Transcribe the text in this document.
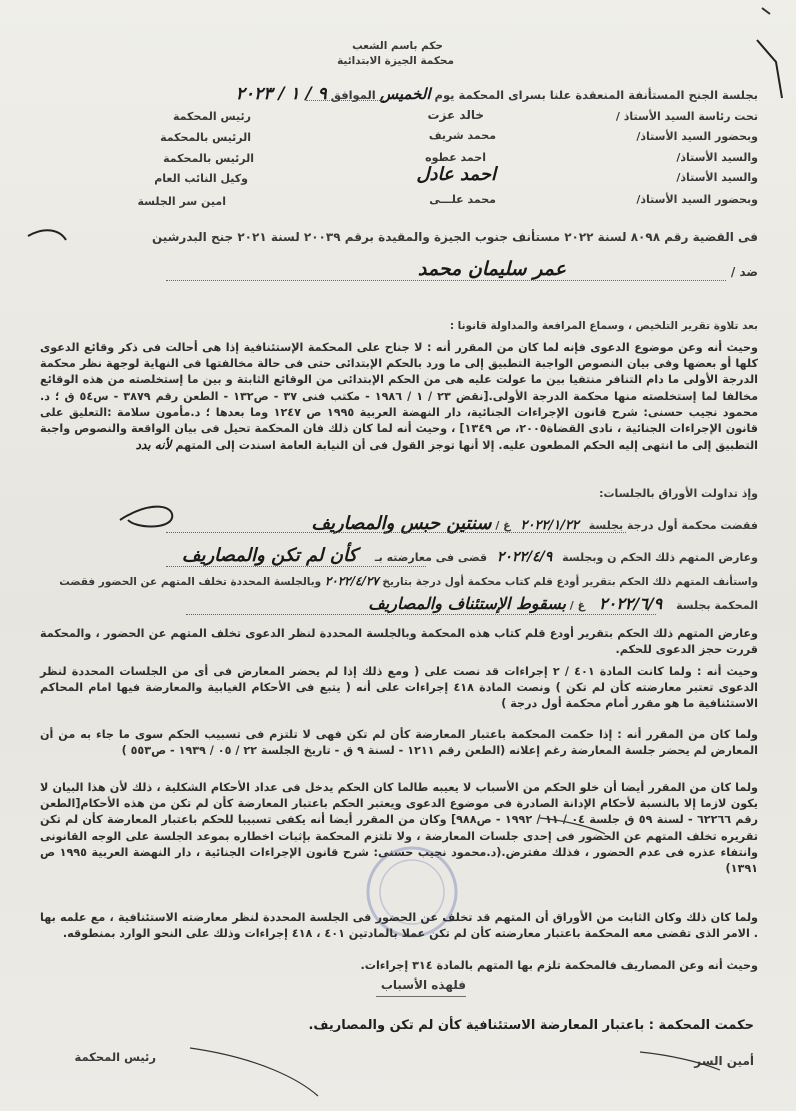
حكم باسم الشعب
محكمة الجيزة الابتدائية
بجلسة الجنح المستأنفة المنعقدة علنا بسراى المحكمة يوم الخميس الموافق ٩ / ١ / ٢٠٢٣
تحت رئاسة السيد الأستاذ /
خالد عزت
رئيس المحكمة
وبحضور السيد الأستاذ/
محمد شريف
الرئيس بالمحكمة
والسيد الأستاذ/
احمد عطوه
الرئيس بالمحكمة
والسيد الأستاذ/
احمد عادل
وكيل النائب العام
وبحضور السيد الأستاذ/
محمد علـــى
امين سر الجلسة
فى القضية رقم ٨٠٩٨ لسنة ٢٠٢٢ مستأنف جنوب الجيزة والمقيدة برقم ٢٠٠٣٩ لسنة ٢٠٢١ جنح البدرشين
ضد /
عمر سليمان محمد
بعد تلاوة تقرير التلخيص ، وسماع المرافعة والمداولة قانونا :
وحيث أنه وعن موضوع الدعوى فإنه لما كان من المقرر أنه : لا جناح على المحكمة الإستئنافية إذا هى أحالت فى ذكر وقائع الدعوى كلها أو بعضها وفى بيان النصوص الواجبة التطبيق إلى ما ورد بالحكم الإبتدائى حتى فى حالة مخالفتها فى النهاية لوجهة نظر محكمة الدرجة الأولى ما دام التنافر منتفيا بين ما عولت عليه هى من الحكم الإبتدائى من الوقائع الثابتة و بين ما إستخلصته من هذه الوقائع مخالفا لما إستخلصته منها محكمة الدرجة الأولى.[نقض ٢٣ / ١ / ١٩٨٦ - مكتب فنى ٣٧ - ص١٣٢ - الطعن رقم ٣٨٧٩ - س٥٤ ق ؛ د. محمود نجيب حسنى: شرح قانون الإجراءات الجنائية، دار النهضة العربية ١٩٩٥ ص ١٢٤٧ وما بعدها ؛ د.مأمون سلامة :التعليق على قانون الإجراءات الجنائية ، نادى القضاة٢٠٠٥، ص ١٣٤٩] ، وحيث أنه لما كان ذلك فان المحكمة تحيل فى بيان الواقعة والنصوص واجبة التطبيق إلى ما انتهى إليه الحكم المطعون عليه. إلا أنها توجز القول فى أن النيابة العامة اسندت إلى المتهم لأنه بدد
وإذ تداولت الأوراق بالجلسات:
فقضت محكمة أول درجة بجلسة ٢٠٢٢/١/٢٢ غ / سنتين حبس والمصاريف
وعارض المتهم ذلك الحكم ن وبجلسة ٢٠٢٢/٤/٩ قضى فى معارضته بـ كأن لم تكن والمصاريف
واستأنف المتهم ذلك الحكم بتقرير أودع قلم كتاب محكمة أول درجة بتاريخ ٢٠٢٢/٤/٢٧ وبالجلسة المحددة تخلف المتهم عن الحضور فقضت
المحكمة بجلسة ٢٠٢٢/٦/٩ غ / بسقوط الإستئناف والمصاريف
وعارض المتهم ذلك الحكم بتقرير أودع قلم كتاب هذه المحكمة وبالجلسة المحددة لنظر الدعوى تخلف المتهم عن الحضور ، والمحكمة قررت حجز الدعوى للحكم.
وحيث أنه : ولما كانت المادة ٤٠١ / ٢ إجراءات قد نصت على ( ومع ذلك إذا لم يحضر المعارض فى أى من الجلسات المحددة لنظر الدعوى تعتبر معارضته كأن لم تكن ) ونصت المادة ٤١٨ إجراءات على أنه ( يتبع فى الأحكام الغيابية والمعارضة فيها امام المحاكم الاستئنافية ما هو مقرر أمام محكمة أول درجة )
ولما كان من المقرر أنه : إذا حكمت المحكمة باعتبار المعارضة كأن لم تكن فهى لا تلتزم فى تسبيب الحكم سوى ما جاء به من أن المعارض لم يحضر جلسة المعارضة رغم إعلانه (الطعن رقم ١٢١١ - لسنة ٩ ق - تاريخ الجلسة ٢٢ / ٠٥ / ١٩٣٩ - ص٥٥٣ )
ولما كان من المقرر أيضا أن خلو الحكم من الأسباب لا يعيبه طالما كان الحكم يدخل فى عداد الأحكام الشكلية ، ذلك لأن هذا البيان لا يكون لازما إلا بالنسبة لأحكام الإدانة الصادرة فى موضوع الدعوى ويعتبر الحكم باعتبار المعارضة كأن لم تكن من هذه الأحكام[الطعن رقم ٦٢٢٦٦ - لسنة ٥٩ ق جلسة ٠٤ / ١١ / ١٩٩٢ - ص٩٨٨] وكان من المقرر أيضا أنه يكفى تسبيبا للحكم باعتبار المعارضة كأن لم تكن تقريره تخلف المتهم عن الحضور فى إحدى جلسات المعارضة ، ولا تلتزم المحكمة بإثبات اخطاره بموعد الجلسة على الوجه القانونى وانتفاء عذره فى عدم الحضور ، فذلك مفترض.(د.محمود نجيب حسنى: شرح قانون الإجراءات الجنائية ، دار النهضة العربية ١٩٩٥ ص ١٣٩١)
ولما كان ذلك وكان الثابت من الأوراق أن المتهم قد تخلف عن الحضور فى الجلسة المحددة لنظر معارضته الاستئنافية ، مع علمه بها . الامر الذى تقضى معه المحكمة باعتبار معارضته كأن لم تكن عملا بالمادتين ٤٠١ ، ٤١٨ إجراءات وذلك على النحو الوارد بمنطوقه.
وحيث أنه وعن المصاريف فالمحكمة تلزم بها المتهم بالمادة ٣١٤ إجراءات.
فلهذه الأسباب
حكمت المحكمة : باعتبار المعارضة الاستئنافية كأن لم تكن والمصاريف.
أمين السر
رئيس المحكمة
